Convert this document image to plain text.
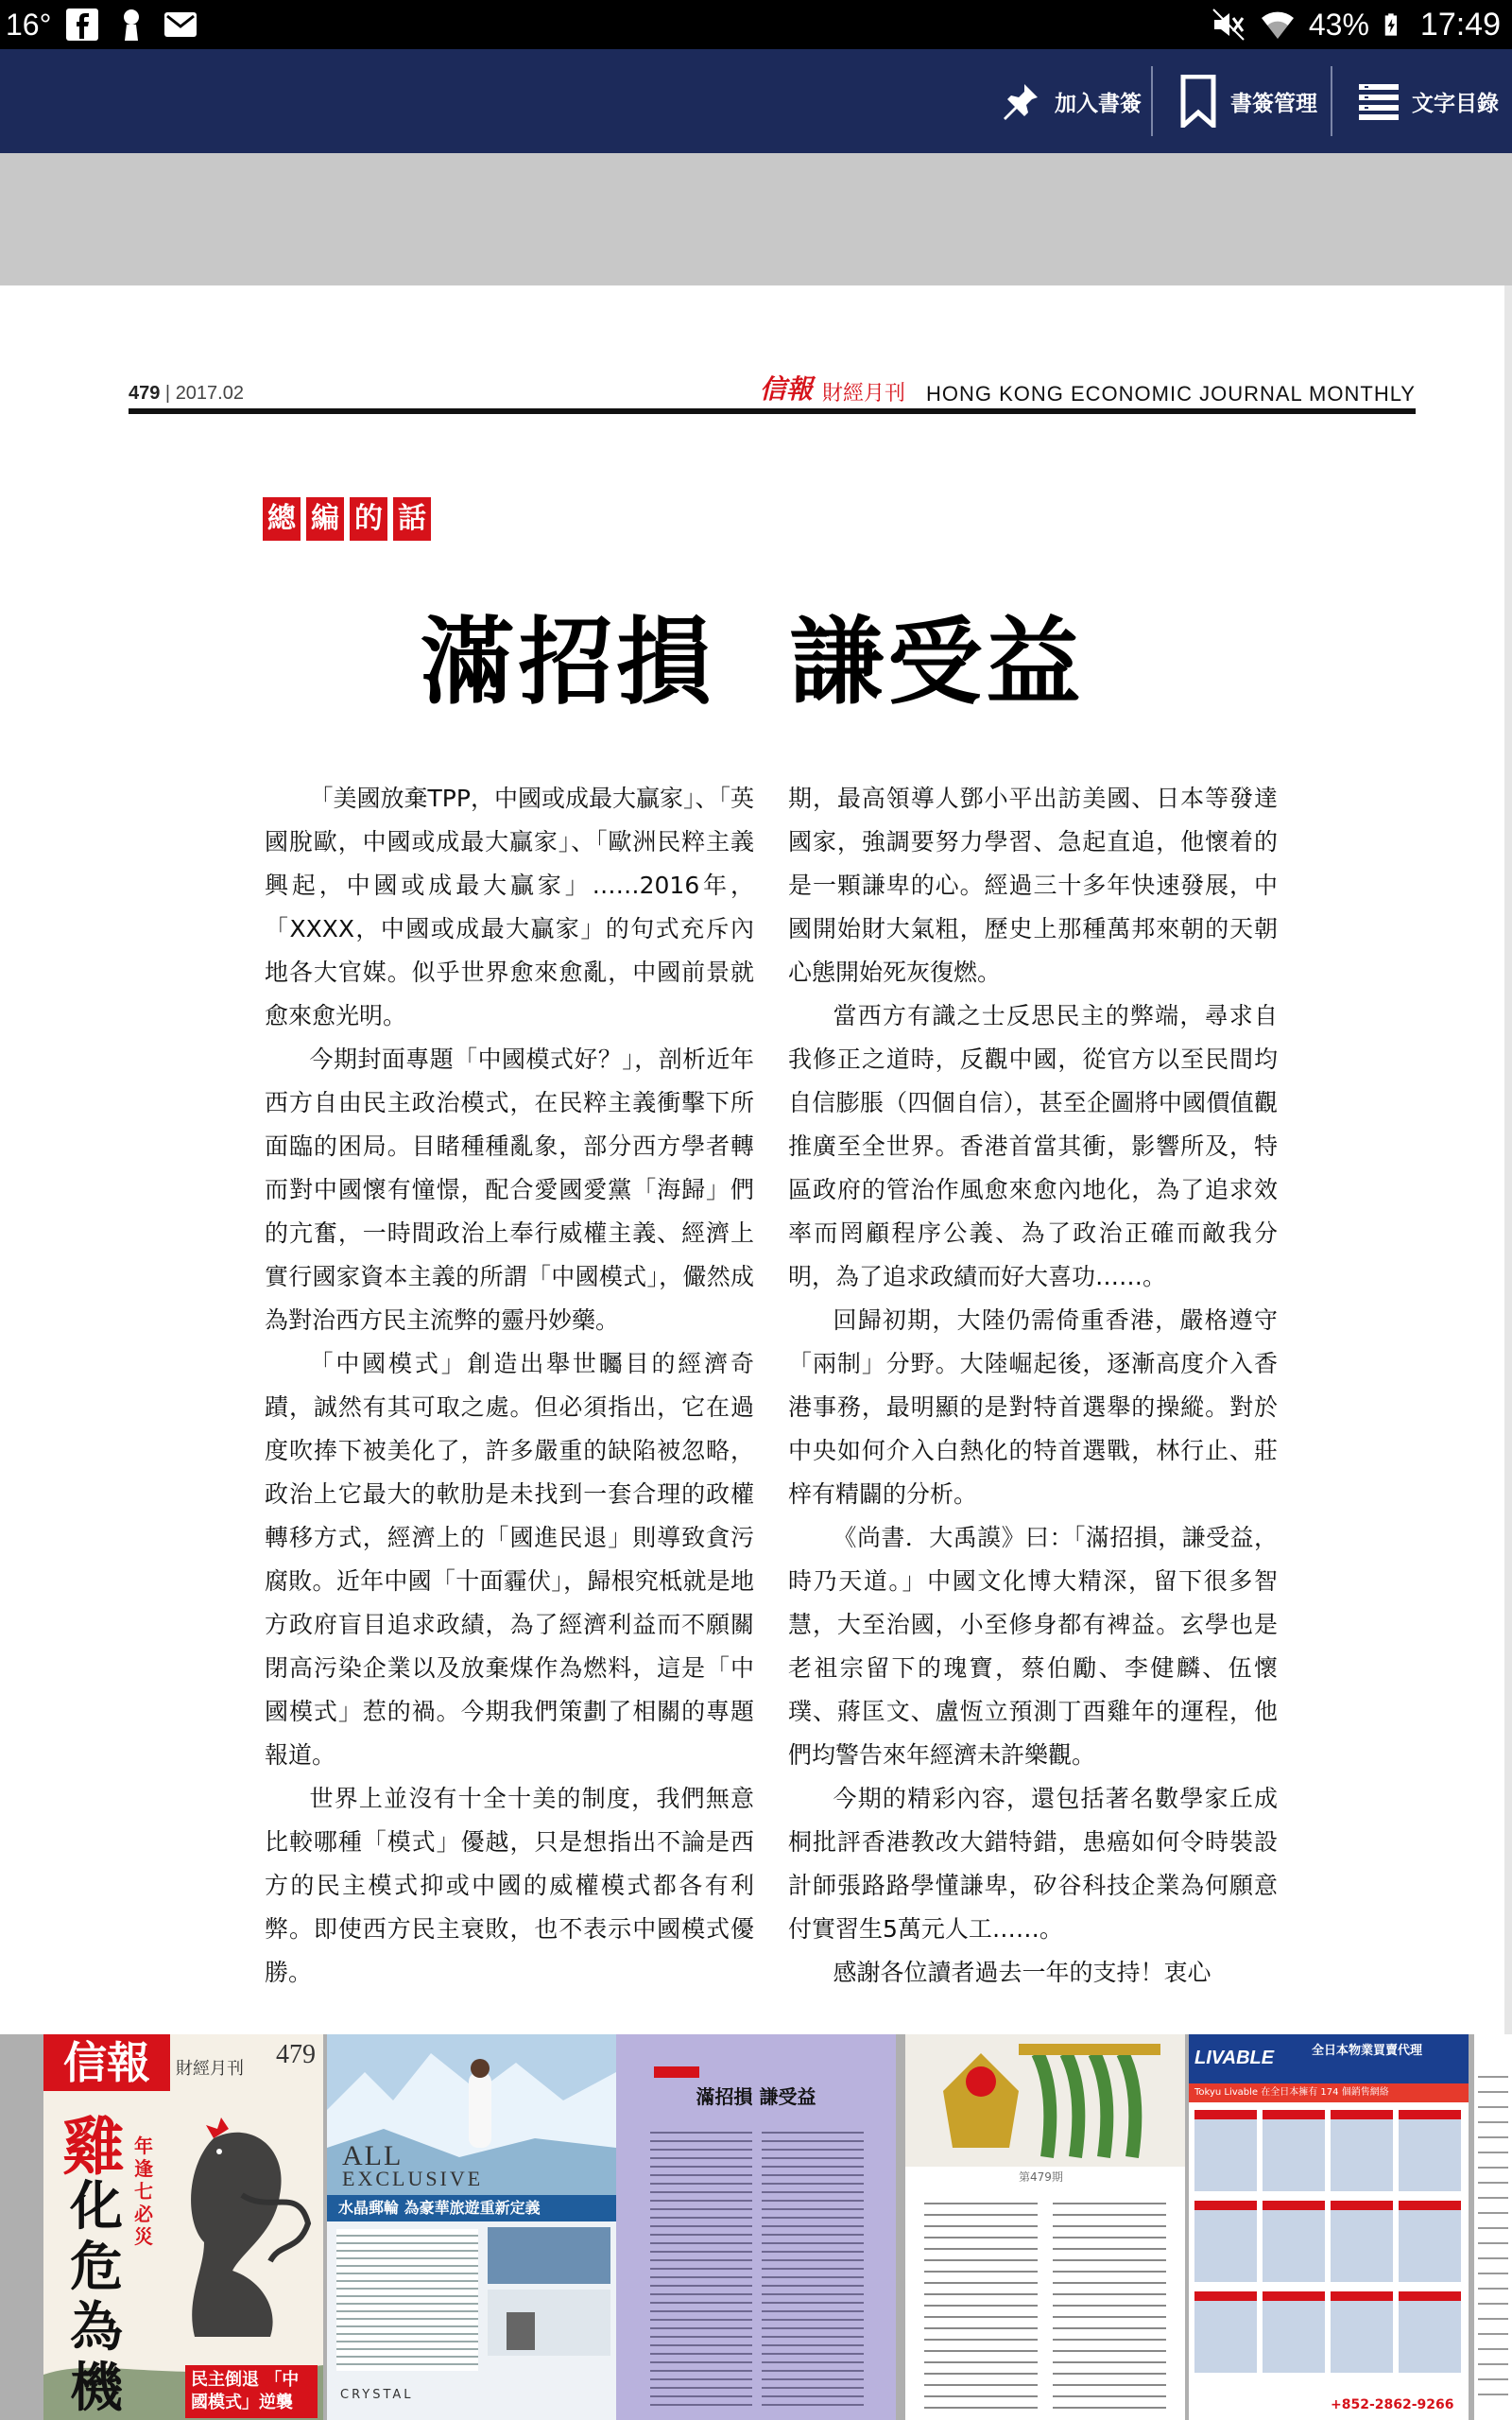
16°	43% 17:49
加入書簽	書簽管理	文字目錄
479 | 2017.02	信報 財經月刊 HONG KONG ECONOMIC JOURNAL MONTHLY
總 編 的 話
滿招損 謙受益

「美國放棄TPP，中國或成最大贏家」、「英國脫歐，中國或成最大贏家」、「歐洲民粹主義興起，中國或成最大贏家」……2016年，「XXXX，中國或成最大贏家」的句式充斥內地各大官媒。似乎世界愈來愈亂，中國前景就愈來愈光明。

今期封面專題「中國模式好？」，剖析近年西方自由民主政治模式，在民粹主義衝擊下所面臨的困局。目睹種種亂象，部分西方學者轉而對中國懷有憧憬，配合愛國愛黨「海歸」們的亢奮，一時間政治上奉行威權主義、經濟上實行國家資本主義的所謂「中國模式」，儼然成為對治西方民主流弊的靈丹妙藥。

「中國模式」創造出舉世矚目的經濟奇蹟，誠然有其可取之處。但必須指出，它在過度吹捧下被美化了，許多嚴重的缺陷被忽略，政治上它最大的軟肋是未找到一套合理的政權轉移方式，經濟上的「國進民退」則導致貪污腐敗。近年中國「十面霾伏」，歸根究柢就是地方政府盲目追求政績，為了經濟利益而不願關閉高污染企業以及放棄煤作為燃料，這是「中國模式」惹的禍。今期我們策劃了相關的專題報道。

世界上並沒有十全十美的制度，我們無意比較哪種「模式」優越，只是想指出不論是西方的民主模式抑或中國的威權模式都各有利弊。即使西方民主衰敗，也不表示中國模式優勝。

期，最高領導人鄧小平出訪美國、日本等發達國家，強調要努力學習、急起直追，他懷着的是一顆謙卑的心。經過三十多年快速發展，中國開始財大氣粗，歷史上那種萬邦來朝的天朝心態開始死灰復燃。

當西方有識之士反思民主的弊端，尋求自我修正之道時，反觀中國，從官方以至民間均自信膨脹（四個自信），甚至企圖將中國價值觀推廣至全世界。香港首當其衝，影響所及，特區政府的管治作風愈來愈內地化，為了追求效率而罔顧程序公義、為了政治正確而敵我分明，為了追求政績而好大喜功……。

回歸初期，大陸仍需倚重香港，嚴格遵守「兩制」分野。大陸崛起後，逐漸高度介入香港事務，最明顯的是對特首選舉的操縱。對於中央如何介入白熱化的特首選戰，林行止、莊梓有精闢的分析。

《尚書．大禹謨》曰：「滿招損，謙受益，時乃天道。」中國文化博大精深，留下很多智慧，大至治國，小至修身都有裨益。玄學也是老祖宗留下的瑰寶，蔡伯勵、李健麟、伍懷璞、蔣匡文、盧恆立預測丁酉雞年的運程，他們均警告來年經濟未許樂觀。

今期的精彩內容，還包括著名數學家丘成桐批評香港教改大錯特錯，患癌如何令時裝設計師張路路學懂謙卑，矽谷科技企業為何願意付實習生5萬元人工……。

感謝各位讀者過去一年的支持！衷心

信報	財經月刊 479
雞 年 逢 七 必 災
化危為機	民主倒退 「中國模式」逆襲
ALL
EXCLUSIVE
水晶郵輪 為豪華旅遊重新定義
CRYSTAL
滿招損 謙受益
第479期
LIVABLE	全日本物業買賣代理
Tokyu Livable 在全日本擁有 174 個銷售網絡
+852-2862-9266
